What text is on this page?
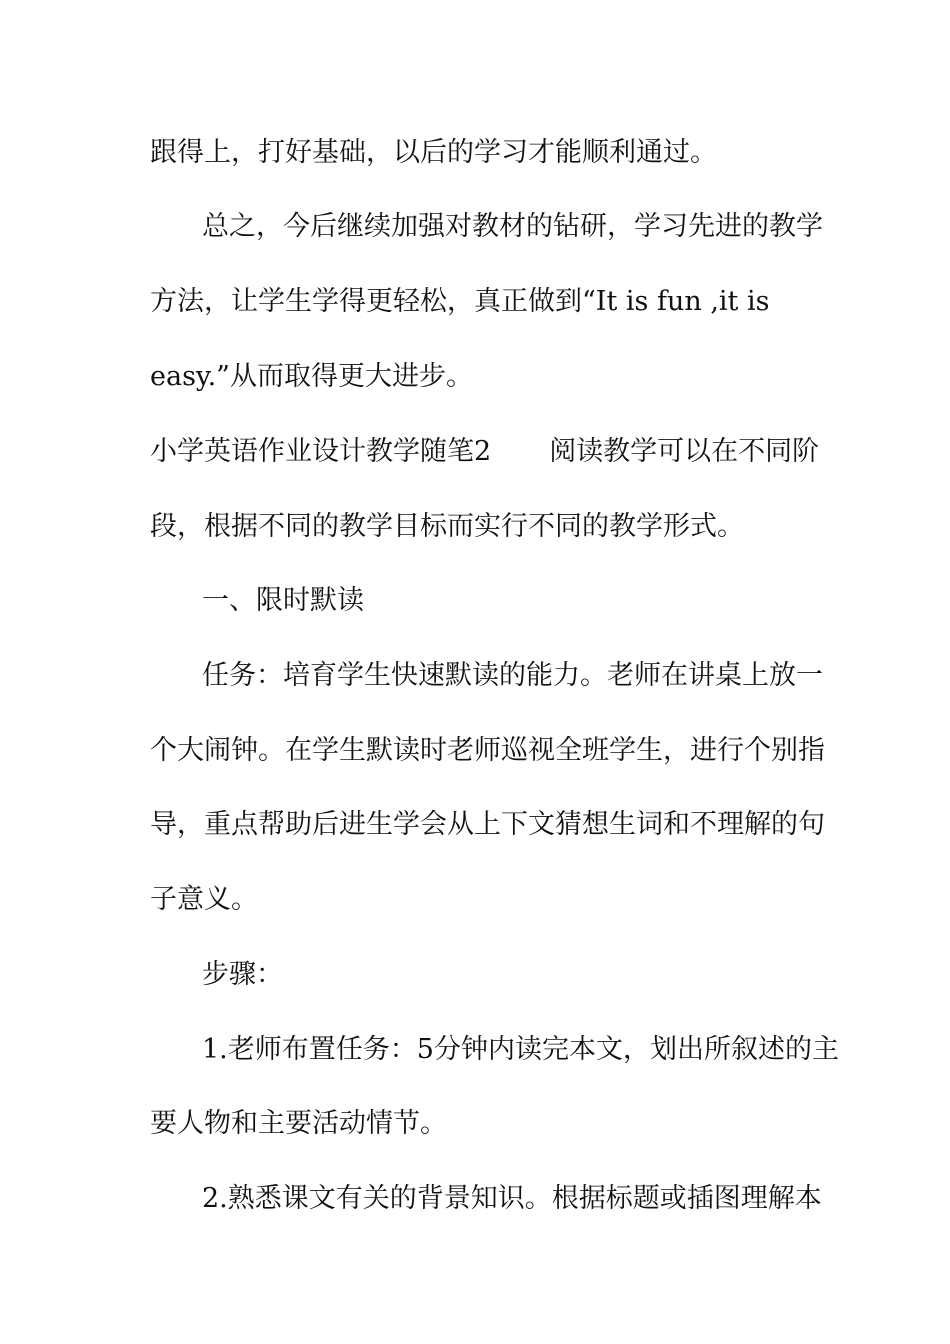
跟得上，打好基础，以后的学习才能顺利通过。
总之，今后继续加强对教材的钻研，学习先进的教学
方法，让学生学得更轻松，真正做到“It is fun ,it is
easy.”从而取得更大进步。
小学英语作业设计教学随笔2 阅读教学可以在不同阶
段，根据不同的教学目标而实行不同的教学形式。
一、限时默读
任务：培育学生快速默读的能力。老师在讲桌上放一
个大闹钟。在学生默读时老师巡视全班学生，进行个别指
导，重点帮助后进生学会从上下文猜想生词和不理解的句
子意义。
步骤：
1.老师布置任务：5分钟内读完本文，划出所叙述的主
要人物和主要活动情节。
2.熟悉课文有关的背景知识。根据标题或插图理解本
